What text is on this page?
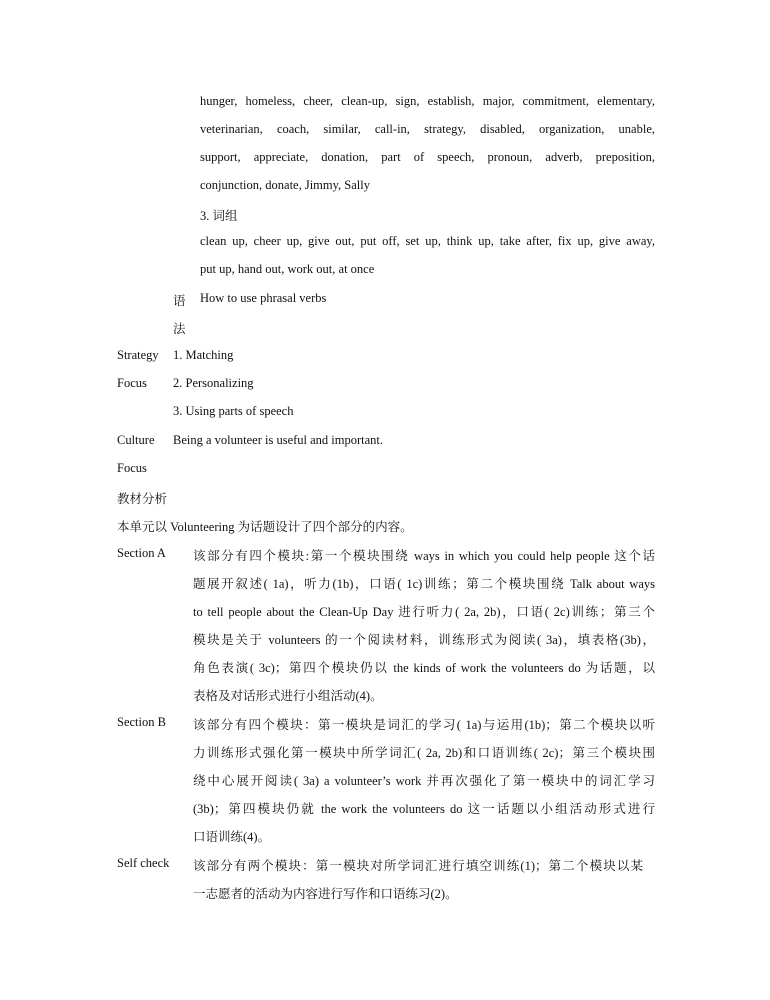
hunger, homeless, cheer, clean-up, sign, establish, major, commitment, elementary,
veterinarian, coach, similar, call-in, strategy, disabled, organization, unable,
support, appreciate, donation, part of speech, pronoun, adverb, preposition,
conjunction, donate, Jimmy, Sally
3. 词组
clean up, cheer up, give out, put off, set up, think up, take after, fix up, give away,
put up, hand out, work out, at once
语 How to use phrasal verbs
法
Strategy 1. Matching
Focus 2. Personalizing
3. Using parts of speech
Culture Being a volunteer is useful and important.
Focus
教材分析
本单元以 Volunteering 为话题设计了四个部分的内容。
Section A 该部分有四个模块:第一个模块围绕 ways in which you could help people 这个话
题展开叙述( 1a)，听力(1b)，口语( 1c)训练；第二个模块围绕 Talk about ways
to tell people about the Clean-Up Day 进行听力( 2a, 2b)，口语( 2c)训练；第三个
模块是关于 volunteers 的一个阅读材料，训练形式为阅读( 3a)，填表格(3b)，
角色表演( 3c)；第四个模块仍以 the kinds of work the volunteers do 为话题，以
表格及对话形式进行小组活动(4)。
Section B 该部分有四个模块：第一模块是词汇的学习( 1a)与运用(1b)；第二个模块以听
力训练形式强化第一模块中所学词汇( 2a, 2b)和口语训练( 2c)；第三个模块围
绕中心展开阅读( 3a) a volunteer’s work 并再次强化了第一模块中的词汇学习
(3b)；第四模块仍就 the work the volunteers do 这一话题以小组活动形式进行
口语训练(4)。
Self check 该部分有两个模块：第一模块对所学词汇进行填空训练(1)；第二个模块以某
一志愿者的活动为内容进行写作和口语练习(2)。
